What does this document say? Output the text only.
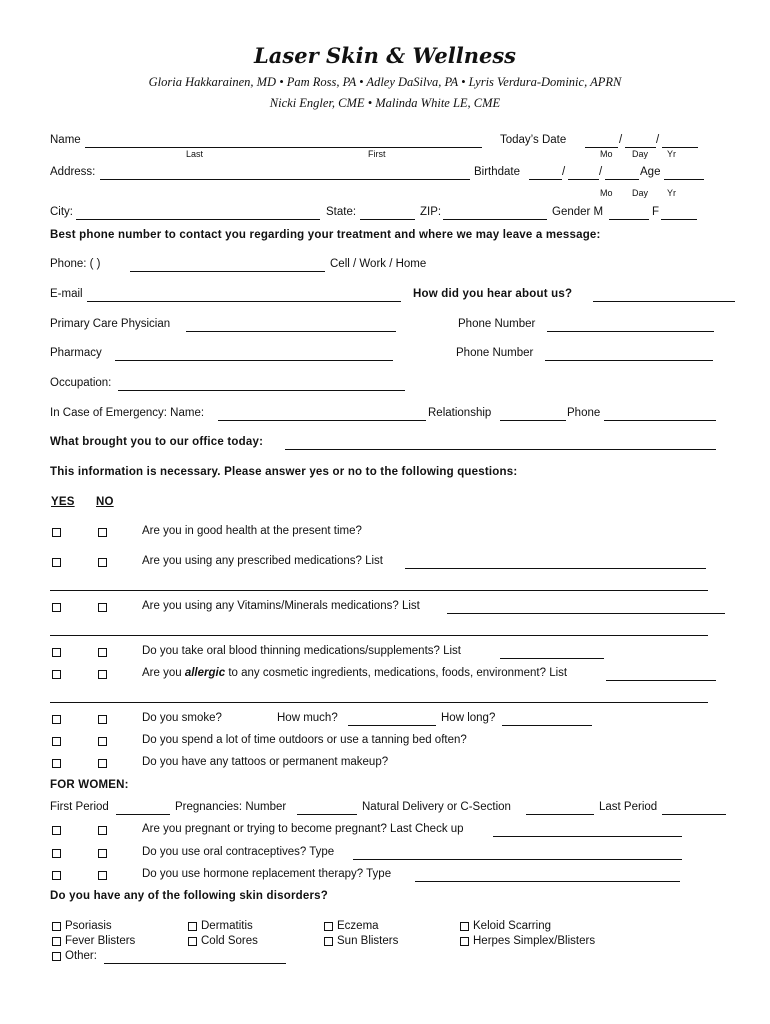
Laser Skin & Wellness
Gloria Hakkarainen, MD • Pam Ross, PA • Adley DaSilva, PA • Lyris Verdura-Dominic, APRN
Nicki Engler, CME • Malinda White LE, CME
Name
Last	First
Today’s Date	/	/
Mo Day Yr
Address:	Birthdate	/	/	Age
Mo Day Yr
City:	State:	ZIP:	Gender M	F
Best phone number to contact you regarding your treatment and where we may leave a message:
Phone: ( )	Cell / Work / Home
E-mail	How did you hear about us?
Primary Care Physician	Phone Number
Pharmacy	Phone Number
Occupation:
In Case of Emergency: Name:	Relationship	Phone
What brought you to our office today:
This information is necessary. Please answer yes or no to the following questions:
YES NO
Are you in good health at the present time?
Are you using any prescribed medications? List
Are you using any Vitamins/Minerals medications? List
Do you take oral blood thinning medications/supplements? List
Are you allergic to any cosmetic ingredients, medications, foods, environment? List
Do you smoke?	How much?	How long?
Do you spend a lot of time outdoors or use a tanning bed often?
Do you have any tattoos or permanent makeup?
FOR WOMEN:
First Period	Pregnancies: Number	Natural Delivery or C-Section	Last Period
Are you pregnant or trying to become pregnant? Last Check up
Do you use oral contraceptives? Type
Do you use hormone replacement therapy? Type
Do you have any of the following skin disorders?
Psoriasis	Dermatitis	Eczema	Keloid Scarring
Fever Blisters	Cold Sores	Sun Blisters	Herpes Simplex/Blisters
Other:
